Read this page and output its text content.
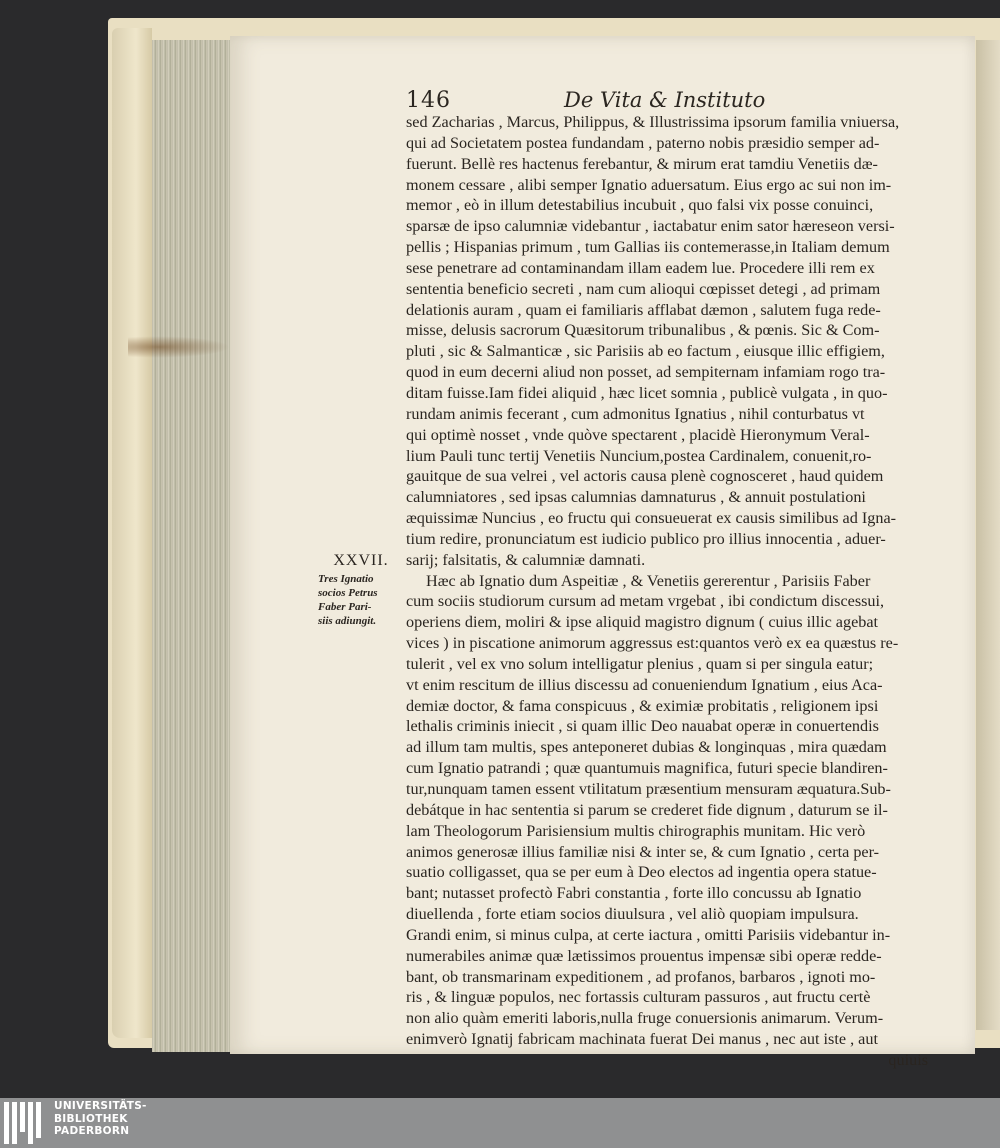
146	De Vita & Instituto
XXVII.
Tres Ignatio
socios Petrus
Faber Pari-
siis adiungit.
sed Zacharias , Marcus, Philippus, & Illustrissima ipsorum familia vniuersa,
qui ad Societatem postea fundandam , paterno nobis præsidio semper ad-
fuerunt. Bellè res hactenus ferebantur, & mirum erat tamdiu Venetiis dæ-
monem cessare , alibi semper Ignatio aduersatum. Eius ergo ac sui non im-
memor , eò in illum detestabilius incubuit , quo falsi vix posse conuinci,
sparsæ de ipso calumniæ videbantur , iactabatur enim sator hæreseon versi-
pellis ; Hispanias primum , tum Gallias iis contemerasse,in Italiam demum
sese penetrare ad contaminandam illam eadem lue. Procedere illi rem ex
sententia beneficio secreti , nam cum alioqui cœpisset detegi , ad primam
delationis auram , quam ei familiaris afflabat dæmon , salutem fuga rede-
misse, delusis sacrorum Quæsitorum tribunalibus , & pœnis. Sic & Com-
pluti , sic & Salmanticæ , sic Parisiis ab eo factum , eiusque illic effigiem,
quod in eum decerni aliud non posset, ad sempiternam infamiam rogo tra-
ditam fuisse.Iam fidei aliquid , hæc licet somnia , publicè vulgata , in quo-
rundam animis fecerant , cum admonitus Ignatius , nihil conturbatus vt
qui optimè nosset , vnde quòve spectarent , placidè Hieronymum Veral-
lium Pauli tunc tertij Venetiis Nuncium,postea Cardinalem, conuenit,ro-
gauitque de sua velrei , vel actoris causa plenè cognosceret , haud quidem
calumniatores , sed ipsas calumnias damnaturus , & annuit postulationi
æquissimæ Nuncius , eo fructu qui consueuerat ex causis similibus ad Igna-
tium redire, pronunciatum est iudicio publico pro illius innocentia , aduer-
sarij; falsitatis, & calumniæ damnati.
Hæc ab Ignatio dum Aspeitiæ , & Venetiis gererentur , Parisiis Faber
cum sociis studiorum cursum ad metam vrgebat , ibi condictum discessui,
operiens diem, moliri & ipse aliquid magistro dignum ( cuius illic agebat
vices ) in piscatione animorum aggressus est:quantos verò ex ea quæstus re-
tulerit , vel ex vno solum intelligatur plenius , quam si per singula eatur;
vt enim rescitum de illius discessu ad conueniendum Ignatium , eius Aca-
demiæ doctor, & fama conspicuus , & eximiæ probitatis , religionem ipsi
lethalis criminis iniecit , si quam illic Deo nauabat operæ in conuertendis
ad illum tam multis, spes anteponeret dubias & longinquas , mira quædam
cum Ignatio patrandi ; quæ quantumuis magnifica, futuri specie blandiren-
tur,nunquam tamen essent vtilitatum præsentium mensuram æquatura.Sub-
debátque in hac sententia si parum se crederet fide dignum , daturum se il-
lam Theologorum Parisiensium multis chirographis munitam. Hic verò
animos generosæ illius familiæ nisi & inter se, & cum Ignatio , certa per-
suatio colligasset, qua se per eum à Deo electos ad ingentia opera statue-
bant; nutasset profectò Fabri constantia , forte illo concussu ab Ignatio
diuellenda , forte etiam socios diuulsura , vel aliò quopiam impulsura.
Grandi enim, si minus culpa, at certe iactura , omitti Parisiis videbantur in-
numerabiles animæ quæ lætissimos prouentus impensæ sibi operæ redde-
bant, ob transmarinam expeditionem , ad profanos, barbaros , ignoti mo-
ris , & linguæ populos, nec fortassis culturam passuros , aut fructu certè
non alio quàm emeriti laboris,nulla fruge conuersionis animarum. Verum-
enimverò Ignatij fabricam machinata fuerat Dei manus , nec aut iste , aut
quiuis
UNIVERSITÄTS-
BIBLIOTHEK
PADERBORN
